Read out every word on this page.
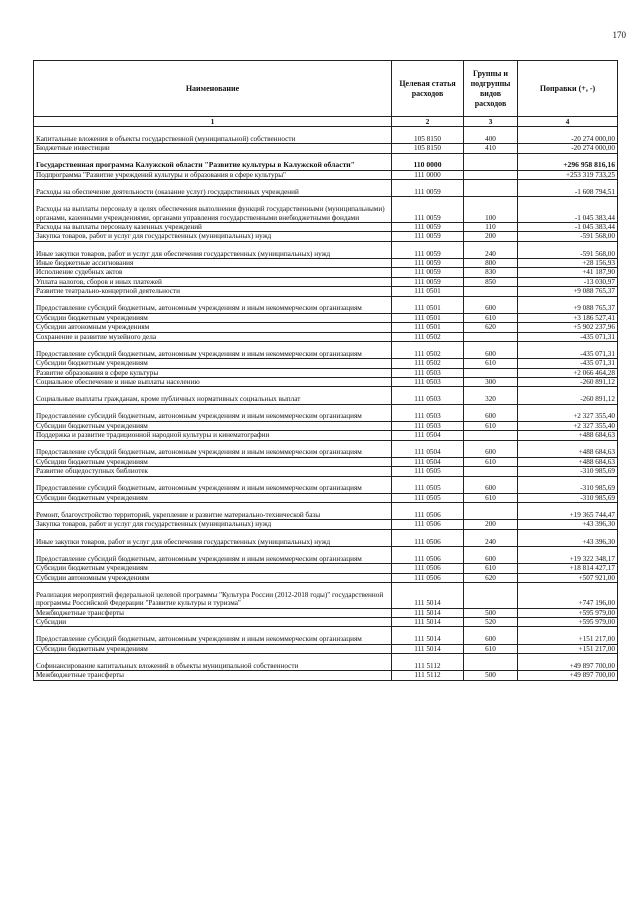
170
Наименование	Целевая статья расходов	Группы и подгруппы видов расходов	Поправки (+, -)
1	2	3	4
Капитальные вложения в объекты государственной (муниципальной) собственности	105 8150	400	-20 274 000,00
Бюджетные инвестиции	105 8150	410	-20 274 000,00
Государственная программа Калужской области "Развитие культуры в Калужской области"	110 0000		+296 958 816,16
Подпрограмма "Развитие учреждений культуры и образования в сфере культуры"	111 0000		+253 319 733,25
Расходы на обеспечение деятельности (оказание услуг) государственных учреждений	111 0059		-1 608 794,51
Расходы на выплаты персоналу в целях обеспечения выполнения функций государственными (муниципальными) органами, казенными учреждениями, органами управления государственными внебюджетными фондами	111 0059	100	-1 045 383,44
Расходы на выплаты персоналу казенных учреждений	111 0059	110	-1 045 383,44
Закупка товаров, работ и услуг для государственных (муниципальных) нужд	111 0059	200	-591 568,00
Иные закупки товаров, работ и услуг для обеспечения государственных (муниципальных) нужд	111 0059	240	-591 568,00
Иные бюджетные ассигнования	111 0059	800	+28 156,93
Исполнение судебных актов	111 0059	830	+41 187,90
Уплата налогов, сборов и иных платежей	111 0059	850	-13 030,97
Развитие театрально-концертной деятельности	111 0501		+9 088 765,37
Предоставление субсидий бюджетным, автономным учреждениям и иным некоммерческим организациям	111 0501	600	+9 088 765,37
Субсидии бюджетным учреждениям	111 0501	610	+3 186 527,41
Субсидии автономным учреждениям	111 0501	620	+5 902 237,96
Сохранение и развитие музейного дела	111 0502		-435 071,31
Предоставление субсидий бюджетным, автономным учреждениям и иным некоммерческим организациям	111 0502	600	-435 071,31
Субсидии бюджетным учреждениям	111 0502	610	-435 071,31
Развитие образования в сфере культуры	111 0503		+2 066 464,28
Социальное обеспечение и иные выплаты населению	111 0503	300	-260 891,12
Социальные выплаты гражданам, кроме публичных нормативных социальных выплат	111 0503	320	-260 891,12
Предоставление субсидий бюджетным, автономным учреждениям и иным некоммерческим организациям	111 0503	600	+2 327 355,40
Субсидии бюджетным учреждениям	111 0503	610	+2 327 355,40
Поддержка и развитие традиционной народной культуры и кинематографии	111 0504		+488 684,63
Предоставление субсидий бюджетным, автономным учреждениям и иным некоммерческим организациям	111 0504	600	+488 684,63
Субсидии бюджетным учреждениям	111 0504	610	+488 684,63
Развитие общедоступных библиотек	111 0505		-310 985,69
Предоставление субсидий бюджетным, автономным учреждениям и иным некоммерческим организациям	111 0505	600	-310 985,69
Субсидии бюджетным учреждениям	111 0505	610	-310 985,69
Ремонт, благоустройство территорий, укрепление и развитие материально-технической базы	111 0506		+19 365 744,47
Закупка товаров, работ и услуг для государственных (муниципальных) нужд	111 0506	200	+43 396,30
Иные закупки товаров, работ и услуг для обеспечения государственных (муниципальных) нужд	111 0506	240	+43 396,30
Предоставление субсидий бюджетным, автономным учреждениям и иным некоммерческим организациям	111 0506	600	+19 322 348,17
Субсидии бюджетным учреждениям	111 0506	610	+18 814 427,17
Субсидии автономным учреждениям	111 0506	620	+507 921,00
Реализация мероприятий федеральной целевой программы "Культура России (2012-2018 годы)" государственной программы Российской Федерации "Развитие культуры и туризма"	111 5014		+747 196,00
Межбюджетные трансферты	111 5014	500	+595 979,00
Субсидии	111 5014	520	+595 979,00
Предоставление субсидий бюджетным, автономным учреждениям и иным некоммерческим организациям	111 5014	600	+151 217,00
Субсидии бюджетным учреждениям	111 5014	610	+151 217,00
Софинансирование капитальных вложений в объекты муниципальной собственности	111 5112		+49 897 700,00
Межбюджетные трансферты	111 5112	500	+49 897 700,00
